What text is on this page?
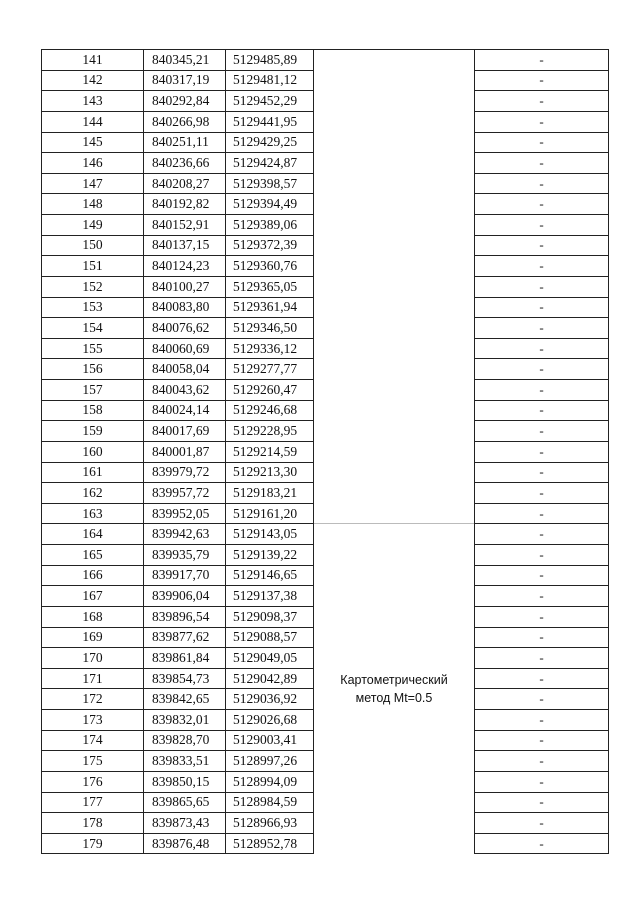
141	840345,21	5129485,89		-
142	840317,19	5129481,12		-
143	840292,84	5129452,29		-
144	840266,98	5129441,95		-
145	840251,11	5129429,25		-
146	840236,66	5129424,87		-
147	840208,27	5129398,57		-
148	840192,82	5129394,49		-
149	840152,91	5129389,06		-
150	840137,15	5129372,39		-
151	840124,23	5129360,76		-
152	840100,27	5129365,05		-
153	840083,80	5129361,94		-
154	840076,62	5129346,50		-
155	840060,69	5129336,12		-
156	840058,04	5129277,77		-
157	840043,62	5129260,47		-
158	840024,14	5129246,68		-
159	840017,69	5129228,95		-
160	840001,87	5129214,59		-
161	839979,72	5129213,30		-
162	839957,72	5129183,21		-
163	839952,05	5129161,20		-
164	839942,63	5129143,05	Картометрический
метод Mt=0.5	-
165	839935,79	5129139,22		-
166	839917,70	5129146,65		-
167	839906,04	5129137,38		-
168	839896,54	5129098,37		-
169	839877,62	5129088,57		-
170	839861,84	5129049,05		-
171	839854,73	5129042,89		-
172	839842,65	5129036,92		-
173	839832,01	5129026,68		-
174	839828,70	5129003,41		-
175	839833,51	5128997,26		-
176	839850,15	5128994,09		-
177	839865,65	5128984,59		-
178	839873,43	5128966,93		-
179	839876,48	5128952,78		-
